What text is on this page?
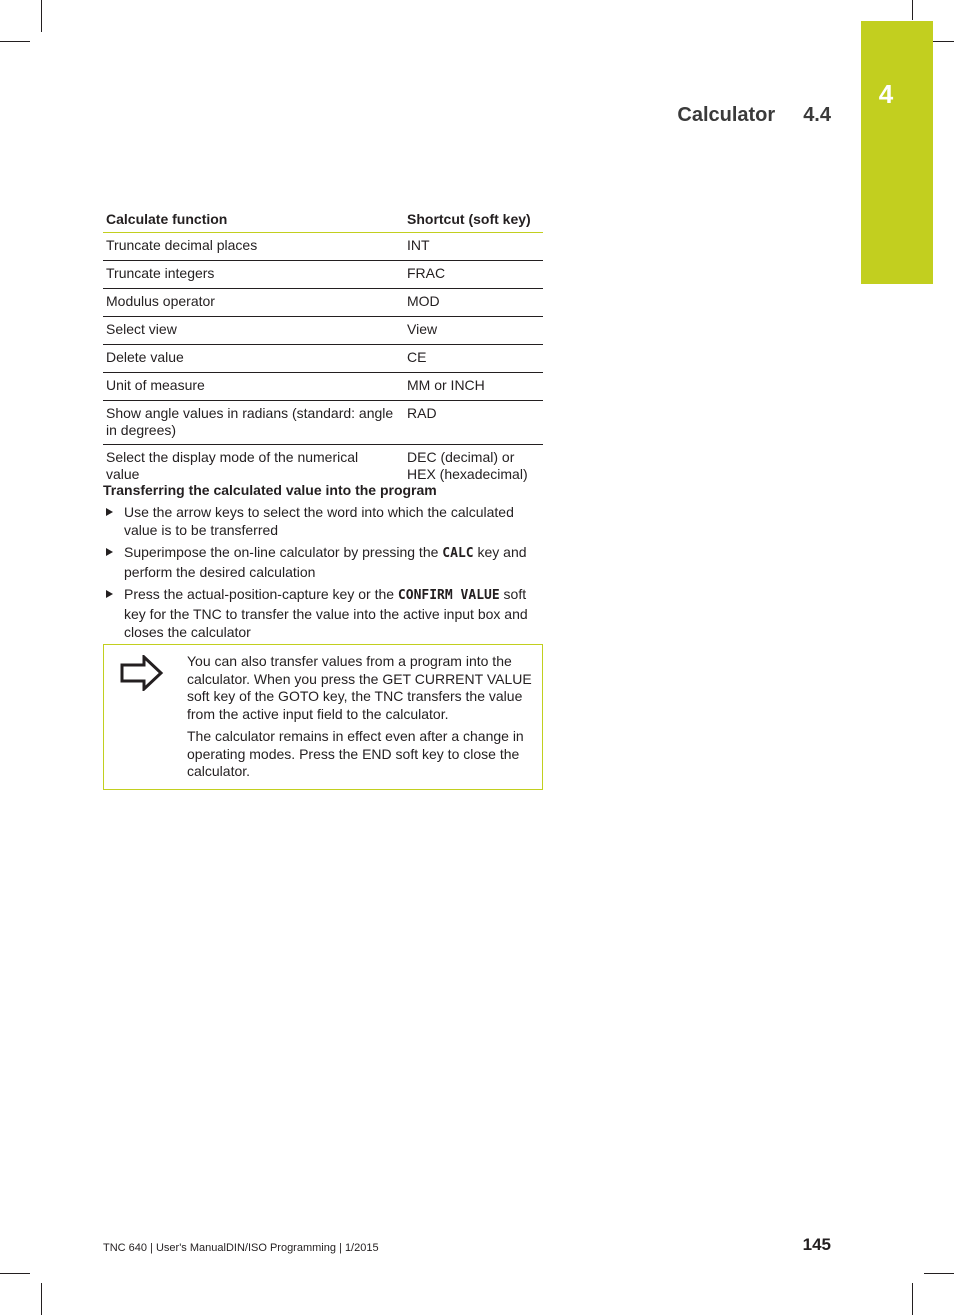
4
Calculator 4.4
Calculate function	Shortcut (soft key)
Truncate decimal places	INT
Truncate integers	FRAC
Modulus operator	MOD
Select view	View
Delete value	CE
Unit of measure	MM or INCH
Show angle values in radians (standard: angle in degrees)	RAD
Select the display mode of the numerical value	DEC (decimal) or HEX (hexadecimal)
Transferring the calculated value into the program
Use the arrow keys to select the word into which the calculated value is to be transferred
Superimpose the on-line calculator by pressing the CALC key and perform the desired calculation
Press the actual-position-capture key or the CONFIRM VALUE soft key for the TNC to transfer the value into the active input box and closes the calculator

You can also transfer values from a program into the calculator. When you press the GET CURRENT VALUE soft key of the GOTO key, the TNC transfers the value from the active input field to the calculator.

The calculator remains in effect even after a change in operating modes. Press the END soft key to close the calculator.

TNC 640 | User's ManualDIN/ISO Programming | 1/2015	145
